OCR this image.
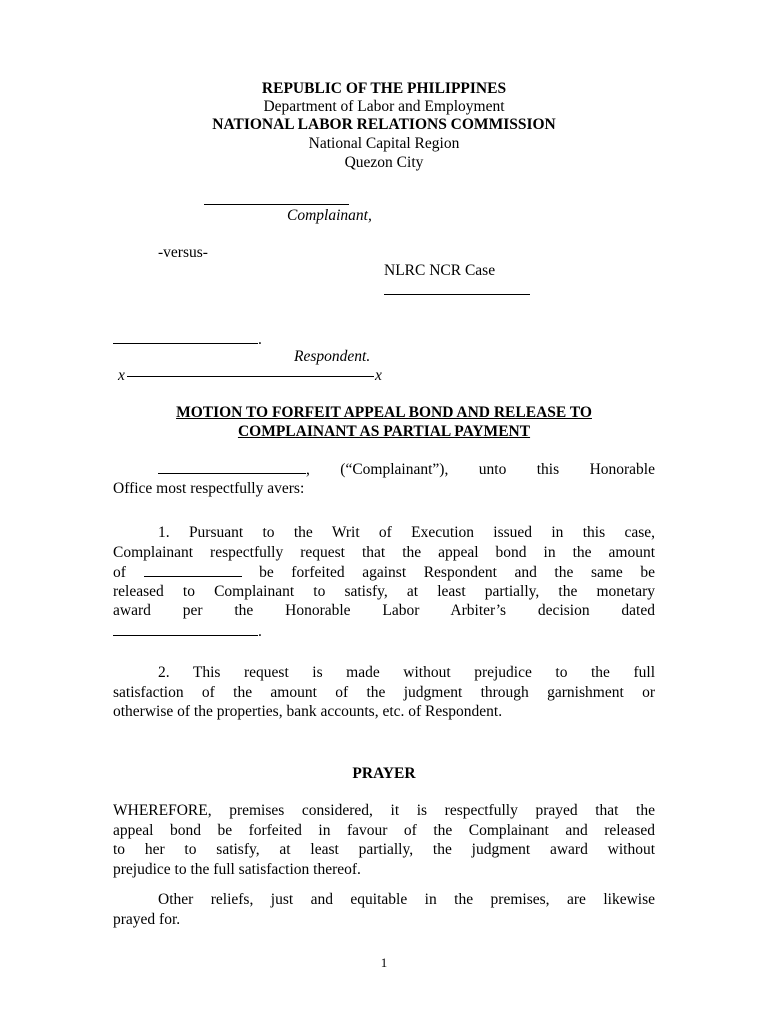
REPUBLIC OF THE PHILIPPINES
Department of Labor and Employment
NATIONAL LABOR RELATIONS COMMISSION
National Capital Region
Quezon City
Complainant,
-versus-
NLRC NCR Case
.
Respondent.
x	x
MOTION TO FORFEIT APPEAL BOND AND RELEASE TO
COMPLAINANT AS PARTIAL PAYMENT
, (“Complainant”), unto this Honorable
Office most respectfully avers:
1. Pursuant to the Writ of Execution issued in this case,
Complainant respectfully request that the appeal bond in the amount
of	be forfeited against Respondent and the same be
released to Complainant to satisfy, at least partially, the monetary
award per the Honorable Labor Arbiter’s decision dated
.
2. This request is made without prejudice to the full
satisfaction of the amount of the judgment through garnishment or
otherwise of the properties, bank accounts, etc. of Respondent.
PRAYER
WHEREFORE, premises considered, it is respectfully prayed that the
appeal bond be forfeited in favour of the Complainant and released
to her to satisfy, at least partially, the judgment award without
prejudice to the full satisfaction thereof.
Other reliefs, just and equitable in the premises, are likewise
prayed for.
1
